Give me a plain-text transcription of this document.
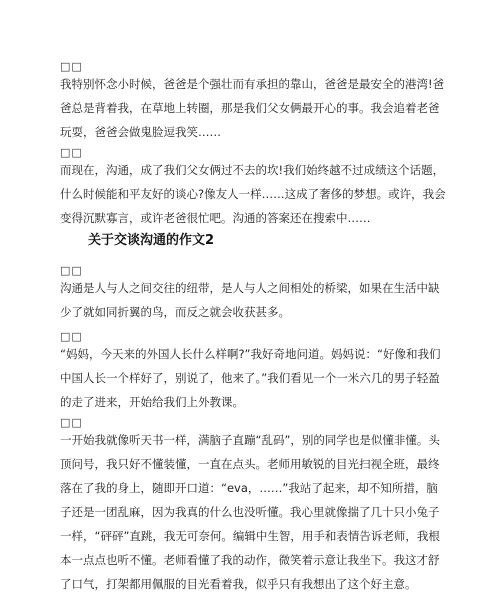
□□

我特别怀念小时候，爸爸是个强壮而有承担的靠山，爸爸是最安全的港湾!爸爸总是背着我，在草地上转圈，那是我们父女俩最开心的事。我会追着老爸玩耍，爸爸会做鬼脸逗我笑……

□□

而现在，沟通，成了我们父女俩过不去的坎!我们始终越不过成绩这个话题，什么时候能和平友好的谈心?像友人一样……这成了奢侈的梦想。或许，我会变得沉默寡言，或许老爸很忙吧。沟通的答案还在搜索中……

关于交谈沟通的作文2
□□

沟通是人与人之间交往的纽带，是人与人之间相处的桥梁，如果在生活中缺少了就如同折翼的鸟，而反之就会收获甚多。

□□

“妈妈，今天来的外国人长什么样啊?”我好奇地问道。妈妈说：“好像和我们中国人长一个样好了，别说了，他来了。”我们看见一个一米六几的男子轻盈的走了进来，开始给我们上外教课。

□□

一开始我就像听天书一样，满脑子直蹦“乱码”，别的同学也是似懂非懂。头顶问号，我只好不懂装懂，一直在点头。老师用敏锐的目光扫视全班，最终落在了我的身上，随即开口道：“eva，……”我站了起来，却不知所措，脑子还是一团乱麻，因为我真的什么也没听懂。我心里就像揣了几十只小兔子一样，“砰砰”直跳，我无可奈何。编辑中生智，用手和表情告诉老师，我根本一点点也听不懂。老师看懂了我的动作，微笑着示意让我坐下。我这才舒了口气，打架都用佩服的目光看着我，似乎只有我想出了这个好主意。
